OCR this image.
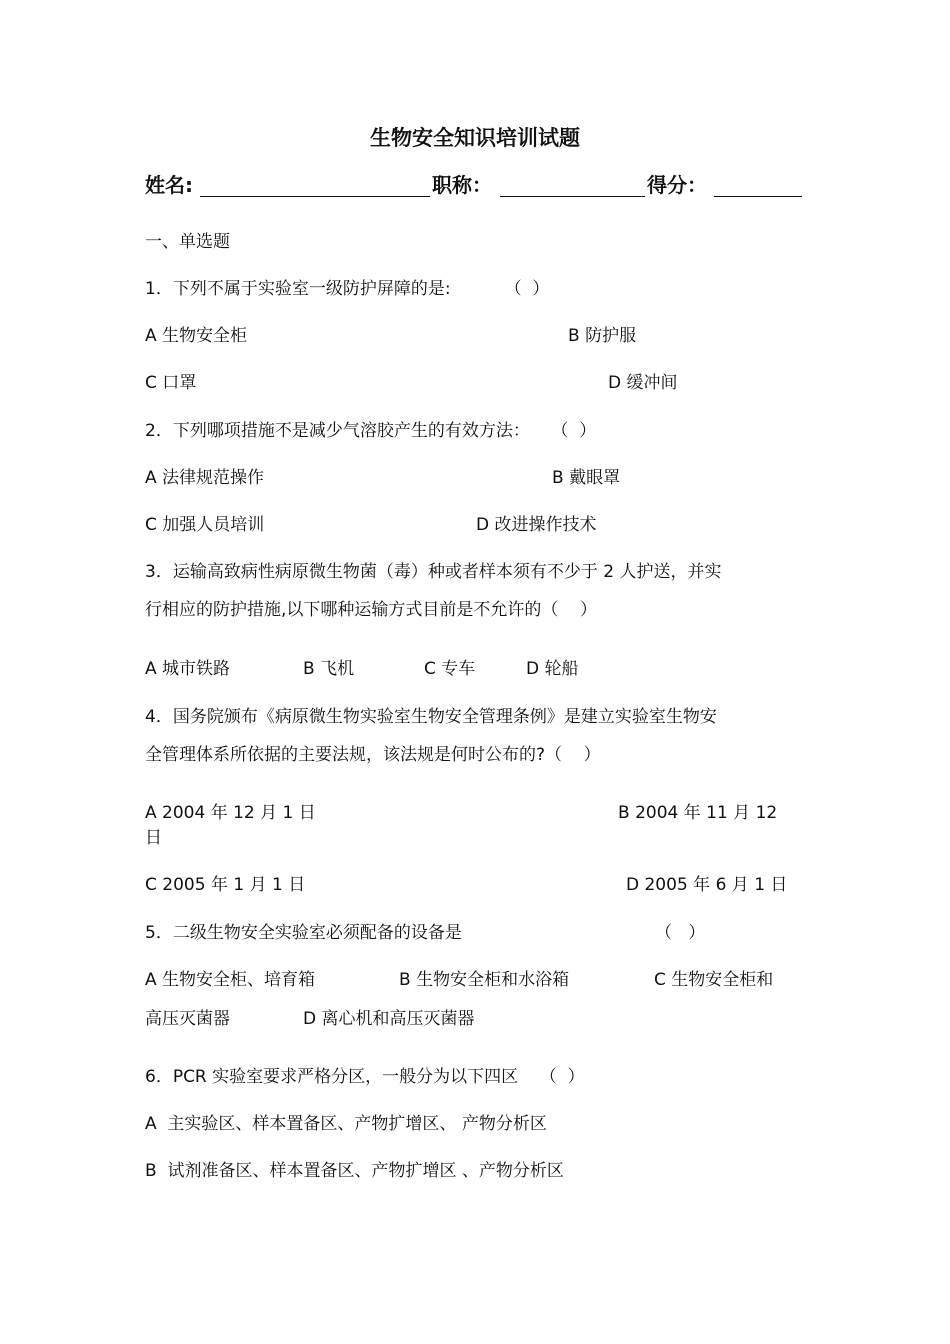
生物安全知识培训试题
姓名:	职称：	得分：
一、单选题
1．下列不属于实验室一级防护屏障的是:          （  ）
A 生物安全柜	B 防护服
C 口罩	D 缓冲间
2．下列哪项措施不是减少气溶胶产生的有效方法：    （  ）
A 法律规范操作	B 戴眼罩
C 加强人员培训	D 改进操作技术
3．运输高致病性病原微生物菌（毒）种或者样本须有不少于 2 人护送，并实
行相应的防护措施,以下哪种运输方式目前是不允许的（    ）
A 城市铁路	B 飞机	C 专车	D 轮船
4．国务院颁布《病原微生物实验室生物安全管理条例》是建立实验室生物安
全管理体系所依据的主要法规，该法规是何时公布的?（    ）
A 2004 年 12 月 1 日	B 2004 年 11 月 12
日
C 2005 年 1 月 1 日	D 2005 年 6 月 1 日
5．二级生物安全实验室必须配备的设备是	（   ）
A 生物安全柜、培育箱	B 生物安全柜和水浴箱	C 生物安全柜和
高压灭菌器	D 离心机和高压灭菌器
6．PCR 实验室要求严格分区，一般分为以下四区    （  ）
A  主实验区、样本置备区、产物扩增区、 产物分析区
B  试剂准备区、样本置备区、产物扩增区 、产物分析区
